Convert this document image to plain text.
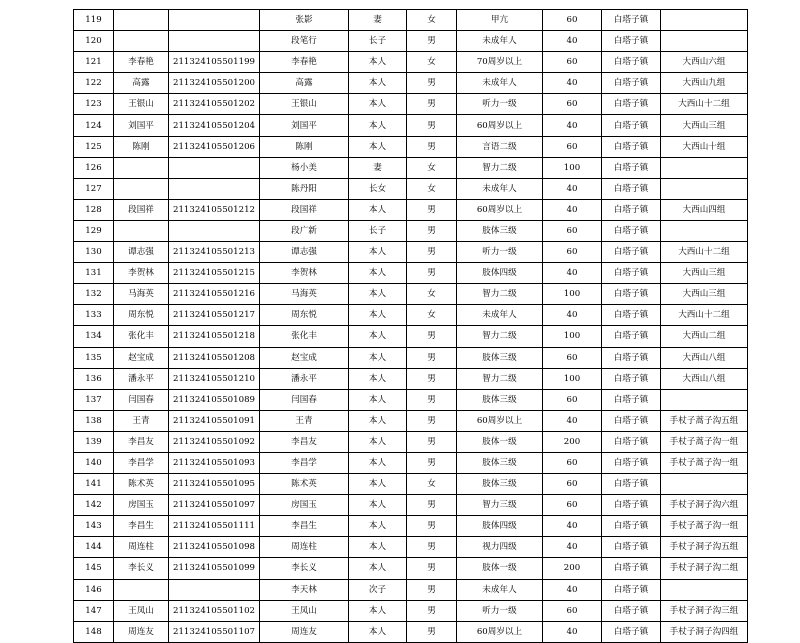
119			张影	妻	女	甲亢	60	白塔子镇	
120			段笔行	长子	男	未成年人	40	白塔子镇	
121	李春艳	211324105501199	李春艳	本人	女	70周岁以上	60	白塔子镇	大西山六组
122	高露	211324105501200	高露	本人	男	未成年人	40	白塔子镇	大西山九组
123	王银山	211324105501202	王银山	本人	男	听力一级	60	白塔子镇	大西山十二组
124	刘国平	211324105501204	刘国平	本人	男	60周岁以上	40	白塔子镇	大西山三组
125	陈刚	211324105501206	陈刚	本人	男	言语二级	60	白塔子镇	大西山十组
126			杨小美	妻	女	智力二级	100	白塔子镇	
127			陈丹阳	长女	女	未成年人	40	白塔子镇	
128	段国祥	211324105501212	段国祥	本人	男	60周岁以上	40	白塔子镇	大西山四组
129			段广新	长子	男	肢体三级	60	白塔子镇	
130	谭志强	211324105501213	谭志强	本人	男	听力一级	60	白塔子镇	大西山十二组
131	李贺林	211324105501215	李贺林	本人	男	肢体四级	40	白塔子镇	大西山三组
132	马海英	211324105501216	马海英	本人	女	智力二级	100	白塔子镇	大西山三组
133	周东悦	211324105501217	周东悦	本人	女	未成年人	40	白塔子镇	大西山十二组
134	张化丰	211324105501218	张化丰	本人	男	智力二级	100	白塔子镇	大西山二组
135	赵宝成	211324105501208	赵宝成	本人	男	肢体三级	60	白塔子镇	大西山八组
136	潘永平	211324105501210	潘永平	本人	男	智力二级	100	白塔子镇	大西山八组
137	闫国春	211324105501089	闫国春	本人	男	肢体三级	60	白塔子镇	
138	王青	211324105501091	王青	本人	男	60周岁以上	40	白塔子镇	手杖子蒿子沟五组
139	李昌友	211324105501092	李昌友	本人	男	肢体一级	200	白塔子镇	手杖子蒿子沟一组
140	李昌学	211324105501093	李昌学	本人	男	肢体三级	60	白塔子镇	手杖子蒿子沟一组
141	陈术英	211324105501095	陈术英	本人	女	肢体三级	60	白塔子镇	
142	房国玉	211324105501097	房国玉	本人	男	智力三级	60	白塔子镇	手杖子洞子沟六组
143	李昌生	211324105501111	李昌生	本人	男	肢体四级	40	白塔子镇	手杖子蒿子沟一组
144	周连柱	211324105501098	周连柱	本人	男	视力四级	40	白塔子镇	手杖子洞子沟五组
145	李长义	211324105501099	李长义	本人	男	肢体一级	200	白塔子镇	手杖子洞子沟二组
146			李天林	次子	男	未成年人	40	白塔子镇	
147	王凤山	211324105501102	王凤山	本人	男	听力一级	60	白塔子镇	手杖子洞子沟三组
148	周连友	211324105501107	周连友	本人	男	60周岁以上	40	白塔子镇	手杖子洞子沟四组
